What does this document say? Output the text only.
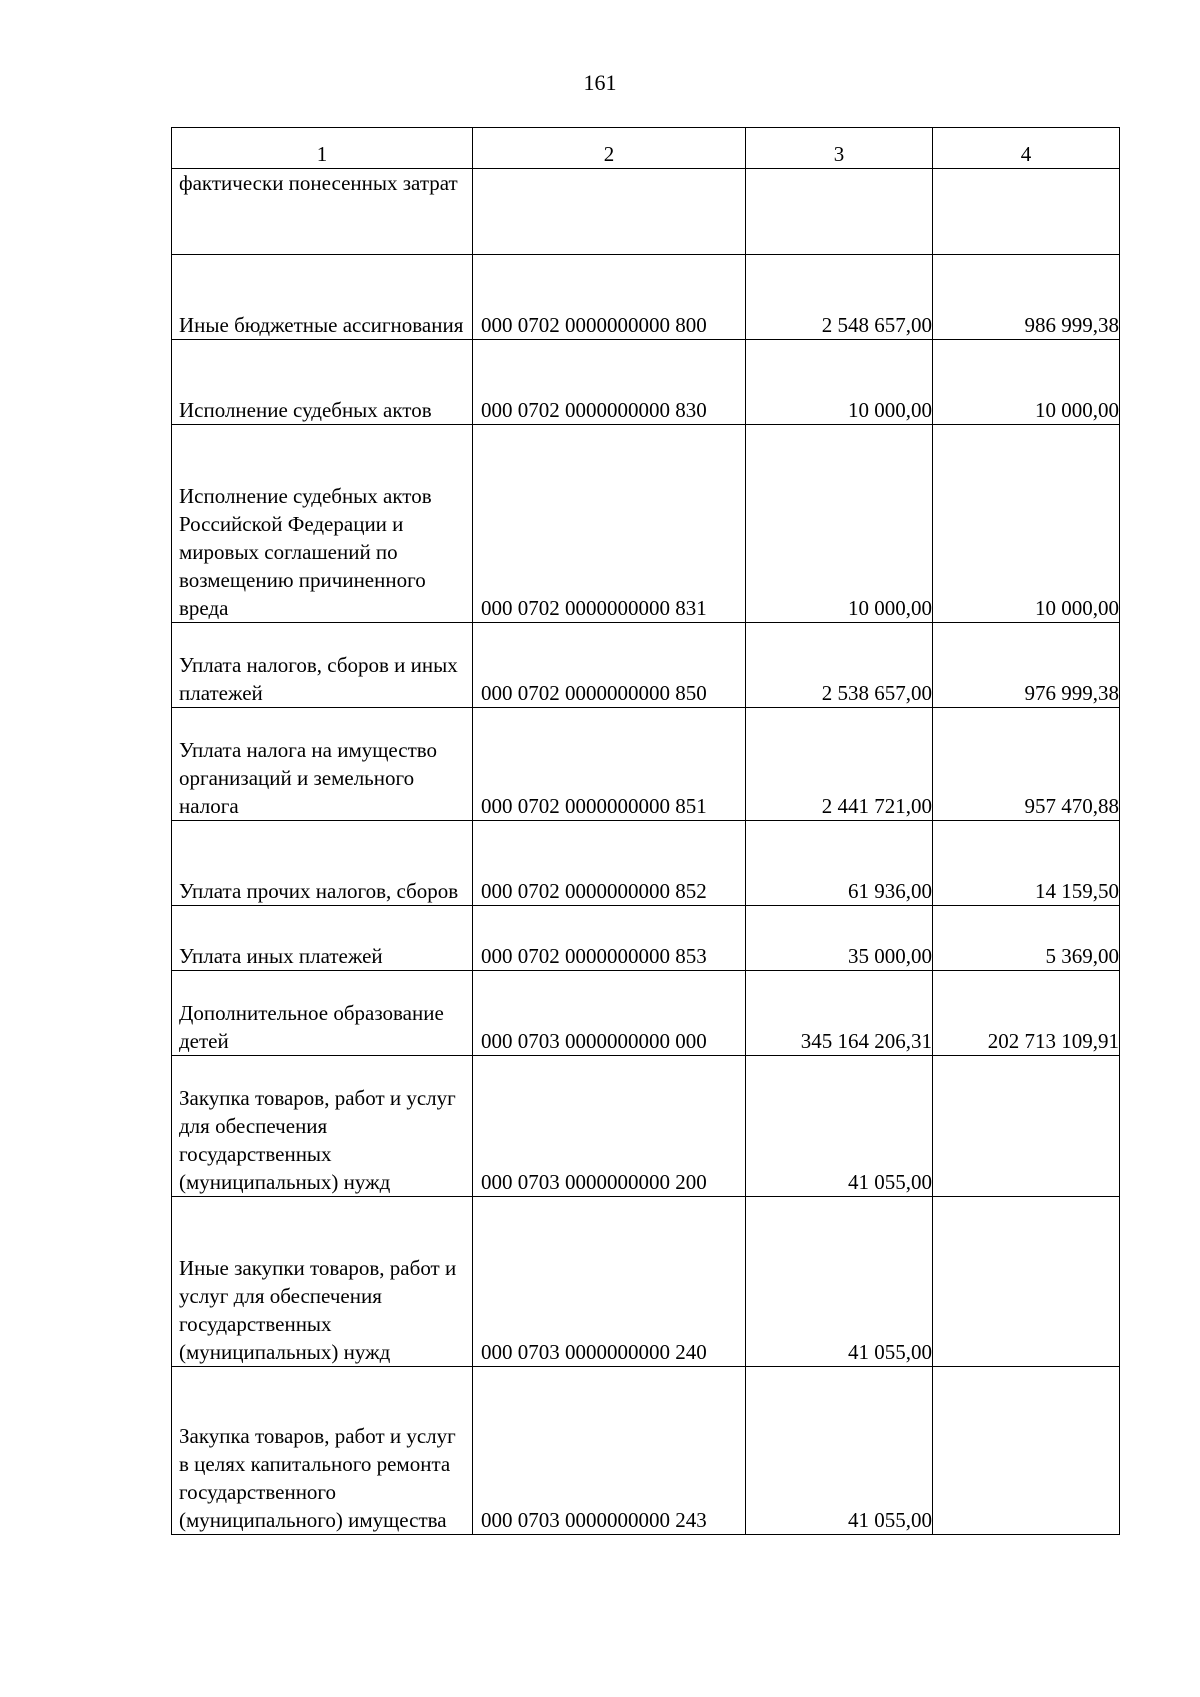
161
1	2	3	4
фактически понесенных затрат			
Иные бюджетные ассигнования	000 0702 0000000000 800	2 548 657,00	986 999,38
Исполнение судебных актов	000 0702 0000000000 830	10 000,00	10 000,00
Исполнение судебных актов Российской Федерации и мировых соглашений по возмещению причиненного вреда	000 0702 0000000000 831	10 000,00	10 000,00
Уплата налогов, сборов и иных платежей	000 0702 0000000000 850	2 538 657,00	976 999,38
Уплата налога на имущество организаций и земельного налога	000 0702 0000000000 851	2 441 721,00	957 470,88
Уплата прочих налогов, сборов	000 0702 0000000000 852	61 936,00	14 159,50
Уплата иных платежей	000 0702 0000000000 853	35 000,00	5 369,00
Дополнительное образование детей	000 0703 0000000000 000	345 164 206,31	202 713 109,91
Закупка товаров, работ и услуг для обеспечения государственных (муниципальных) нужд	000 0703 0000000000 200	41 055,00	
Иные закупки товаров, работ и услуг для обеспечения государственных (муниципальных) нужд	000 0703 0000000000 240	41 055,00	
Закупка товаров, работ и услуг в целях капитального ремонта государственного (муниципального) имущества	000 0703 0000000000 243	41 055,00	
